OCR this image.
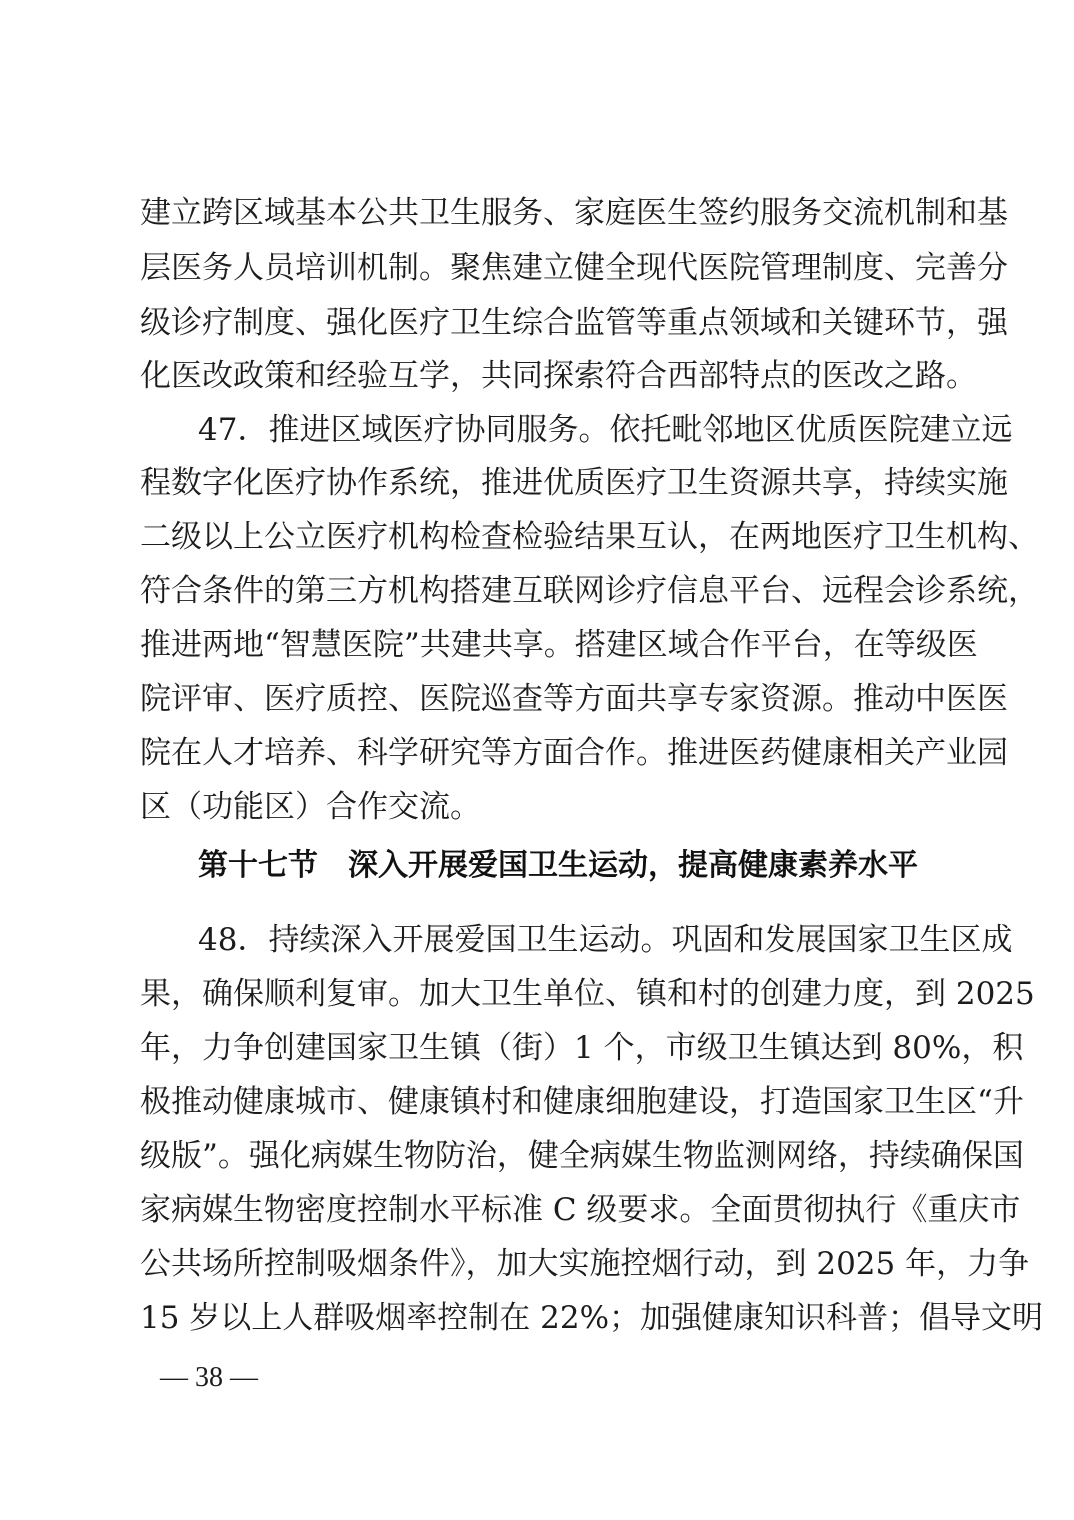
建立跨区域基本公共卫生服务、家庭医生签约服务交流机制和基
层医务人员培训机制。聚焦建立健全现代医院管理制度、完善分
级诊疗制度、强化医疗卫生综合监管等重点领域和关键环节，强
化医改政策和经验互学，共同探索符合西部特点的医改之路。
47．推进区域医疗协同服务。依托毗邻地区优质医院建立远
程数字化医疗协作系统，推进优质医疗卫生资源共享，持续实施
二级以上公立医疗机构检查检验结果互认，在两地医疗卫生机构、
符合条件的第三方机构搭建互联网诊疗信息平台、远程会诊系统，
推进两地“智慧医院”共建共享。搭建区域合作平台，在等级医
院评审、医疗质控、医院巡查等方面共享专家资源。推动中医医
院在人才培养、科学研究等方面合作。推进医药健康相关产业园
区（功能区）合作交流。
第十七节　深入开展爱国卫生运动，提高健康素养水平
48．持续深入开展爱国卫生运动。巩固和发展国家卫生区成
果，确保顺利复审。加大卫生单位、镇和村的创建力度，到 2025
年，力争创建国家卫生镇（街）1 个，市级卫生镇达到 80%，积
极推动健康城市、健康镇村和健康细胞建设，打造国家卫生区“升
级版”。强化病媒生物防治，健全病媒生物监测网络，持续确保国
家病媒生物密度控制水平标准 C 级要求。全面贯彻执行《重庆市
公共场所控制吸烟条件》，加大实施控烟行动，到 2025 年，力争
15 岁以上人群吸烟率控制在 22%；加强健康知识科普；倡导文明
— 38 —
